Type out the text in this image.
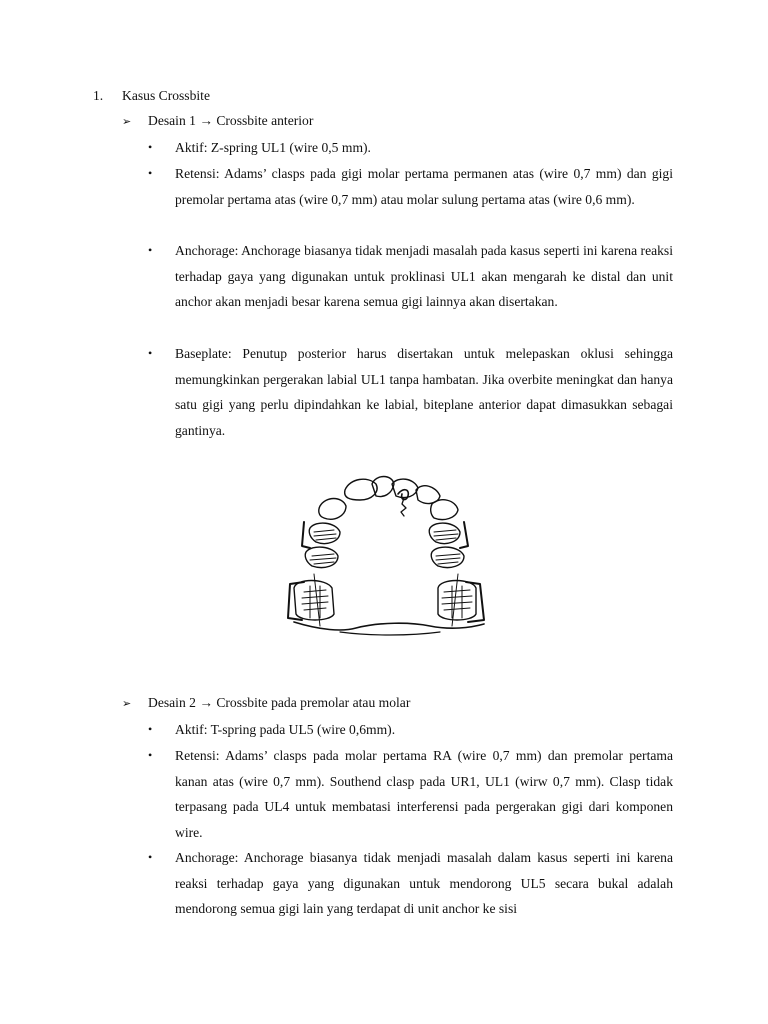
1. Kasus Crossbite
➢ Desain 1 → Crossbite anterior
• Aktif: Z-spring UL1 (wire 0,5 mm).
• Retensi: Adams’ clasps pada gigi molar pertama permanen atas (wire 0,7 mm) dan gigi premolar pertama atas (wire 0,7 mm) atau molar sulung pertama atas (wire 0,6 mm).
• Anchorage: Anchorage biasanya tidak menjadi masalah pada kasus seperti ini karena reaksi terhadap gaya yang digunakan untuk proklinasi UL1 akan mengarah ke distal dan unit anchor akan menjadi besar karena semua gigi lainnya akan disertakan.
• Baseplate: Penutup posterior harus disertakan untuk melepaskan oklusi sehingga memungkinkan pergerakan labial UL1 tanpa hambatan. Jika overbite meningkat dan hanya satu gigi yang perlu dipindahkan ke labial, biteplane anterior dapat dimasukkan sebagai gantinya.
➢ Desain 2 → Crossbite pada premolar atau molar
• Aktif: T-spring pada UL5 (wire 0,6mm).
• Retensi: Adams’ clasps pada molar pertama RA (wire 0,7 mm) dan premolar pertama kanan atas (wire 0,7 mm). Southend clasp pada UR1, UL1 (wirw 0,7 mm). Clasp tidak terpasang pada UL4 untuk membatasi interferensi pada pergerakan gigi dari komponen wire.
• Anchorage: Anchorage biasanya tidak menjadi masalah dalam kasus seperti ini karena reaksi terhadap gaya yang digunakan untuk mendorong UL5 secara bukal adalah mendorong semua gigi lain yang terdapat di unit anchor ke sisi
